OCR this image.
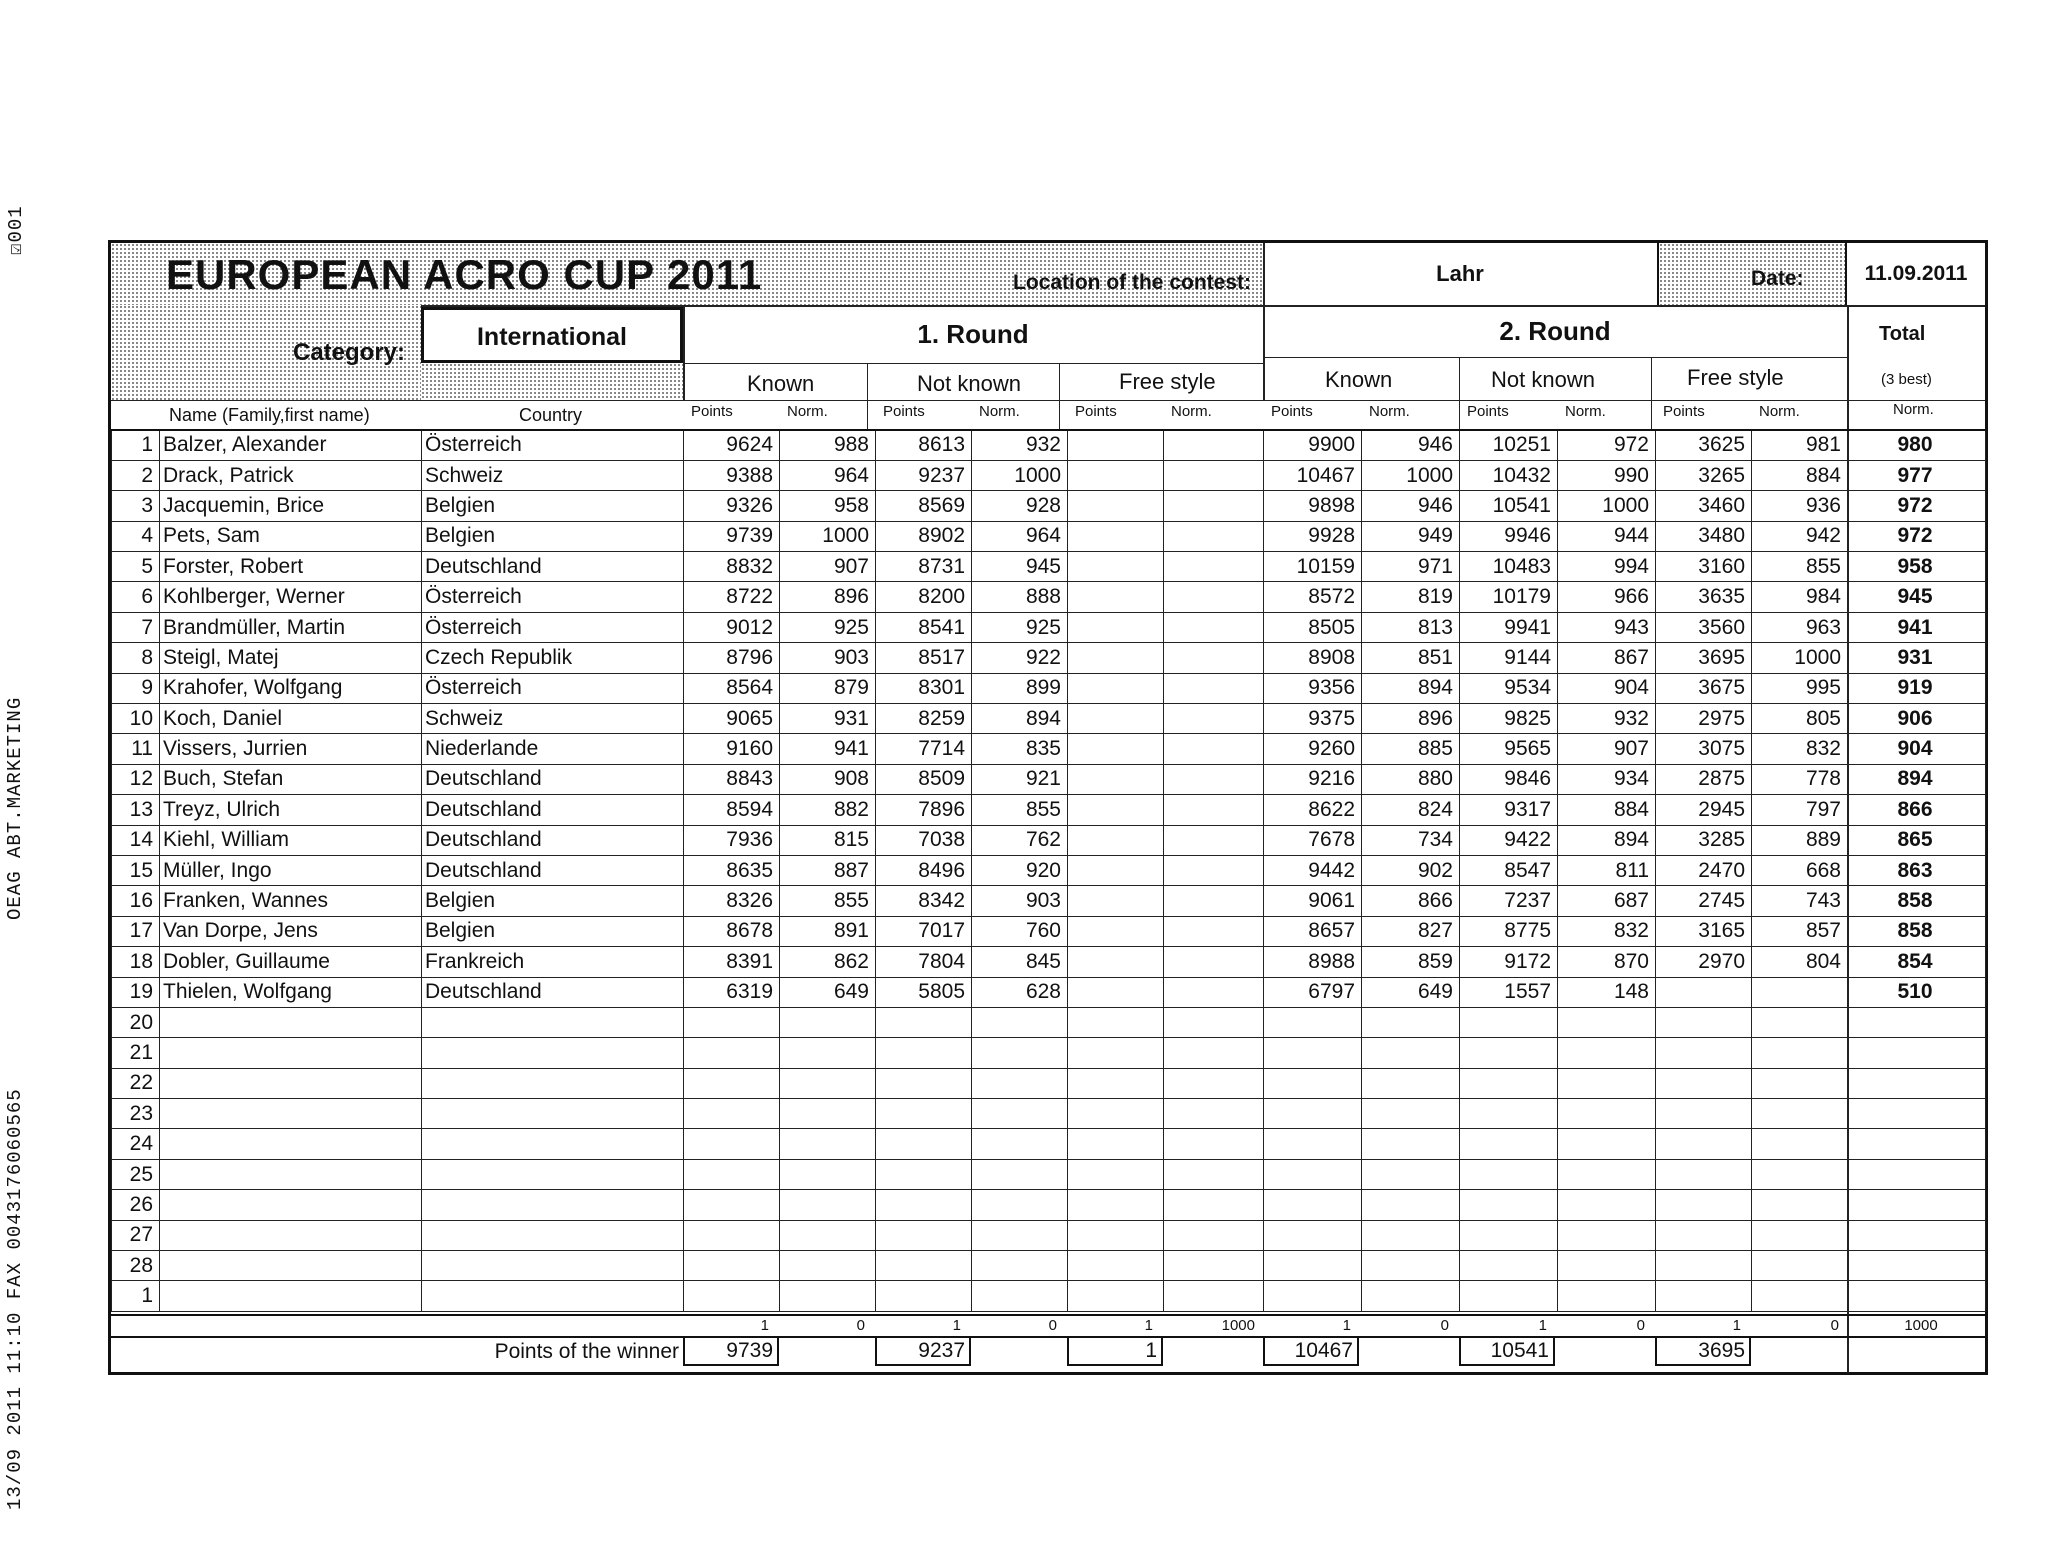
13/09 2011 11:10 FAX 0043176060565
OEAG ABT.MARKETING
☑001
EUROPEAN ACRO CUP 2011	Location of the contest:	Lahr	Date:	11.09.2011
Category:
International	1. Round	2. Round	Total
(3 best)
Known	Not known	Free style	Known	Not known	Free style
Name (Family,first name)	Country	Points	Norm.	Points	Norm.	Points	Norm.	Points	Norm.	Points	Norm.	Points	Norm.	Norm.
1	Balzer, Alexander	Österreich	9624	988	8613	932			9900	946	10251	972	3625	981	980
2	Drack, Patrick	Schweiz	9388	964	9237	1000			10467	1000	10432	990	3265	884	977
3	Jacquemin, Brice	Belgien	9326	958	8569	928			9898	946	10541	1000	3460	936	972
4	Pets, Sam	Belgien	9739	1000	8902	964			9928	949	9946	944	3480	942	972
5	Forster, Robert	Deutschland	8832	907	8731	945			10159	971	10483	994	3160	855	958
6	Kohlberger, Werner	Österreich	8722	896	8200	888			8572	819	10179	966	3635	984	945
7	Brandmüller, Martin	Österreich	9012	925	8541	925			8505	813	9941	943	3560	963	941
8	Steigl, Matej	Czech Republik	8796	903	8517	922			8908	851	9144	867	3695	1000	931
9	Krahofer, Wolfgang	Österreich	8564	879	8301	899			9356	894	9534	904	3675	995	919
10	Koch, Daniel	Schweiz	9065	931	8259	894			9375	896	9825	932	2975	805	906
11	Vissers, Jurrien	Niederlande	9160	941	7714	835			9260	885	9565	907	3075	832	904
12	Buch, Stefan	Deutschland	8843	908	8509	921			9216	880	9846	934	2875	778	894
13	Treyz, Ulrich	Deutschland	8594	882	7896	855			8622	824	9317	884	2945	797	866
14	Kiehl, William	Deutschland	7936	815	7038	762			7678	734	9422	894	3285	889	865
15	Müller, Ingo	Deutschland	8635	887	8496	920			9442	902	8547	811	2470	668	863
16	Franken, Wannes	Belgien	8326	855	8342	903			9061	866	7237	687	2745	743	858
17	Van Dorpe, Jens	Belgien	8678	891	7017	760			8657	827	8775	832	3165	857	858
18	Dobler, Guillaume	Frankreich	8391	862	7804	845			8988	859	9172	870	2970	804	854
19	Thielen, Wolfgang	Deutschland	6319	649	5805	628			6797	649	1557	148			510
20															
21															
22															
23															
24															
25															
26															
27															
28															
1															
1	0	1	0	1	1000	1	0	1	0	1	0	1000
Points of the winner	9739	9237	1	10467	10541	3695
